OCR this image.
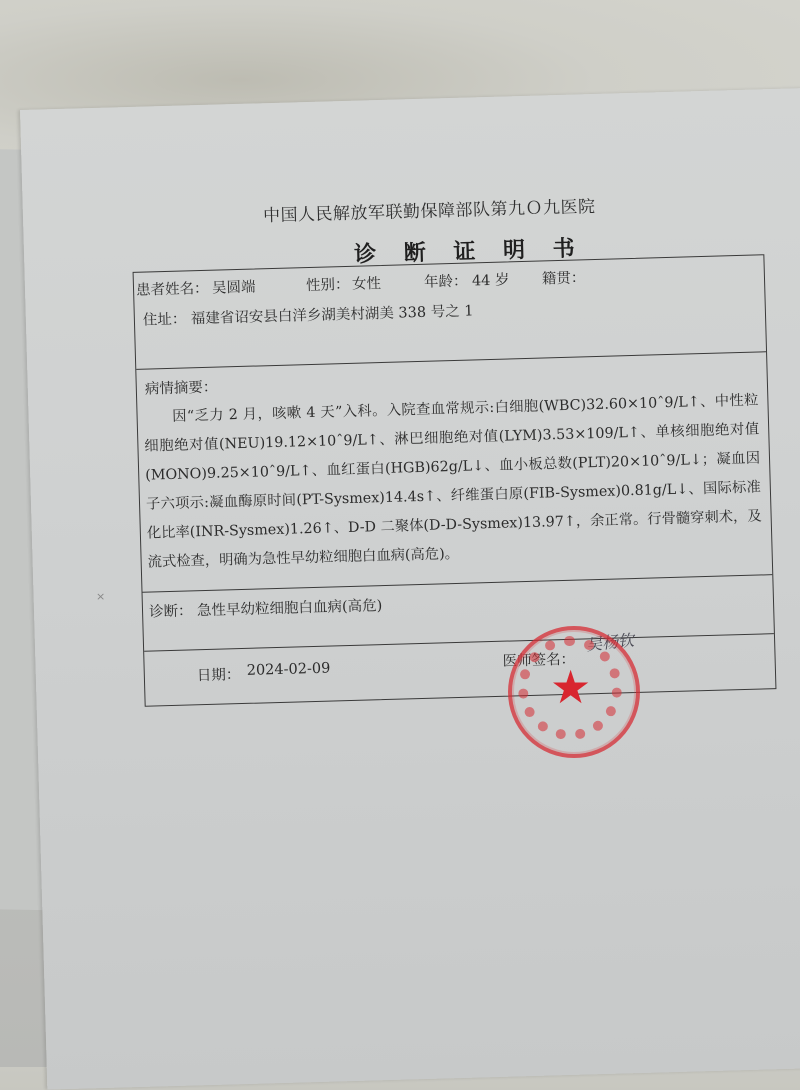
中国人民解放军联勤保障部队第九Ｏ九医院
诊 断 证 明 书
患者姓名： 吴圆端	性别： 女性	年龄： 44 岁 籍贯：
住址： 福建省诏安县白洋乡湖美村湖美 338 号之 1
病情摘要：
因“乏力 2 月，咳嗽 4 天”入科。入院查血常规示:白细胞(WBC)32.60×10ˆ9/L↑、中性粒细胞绝对值(NEU)19.12×10ˆ9/L↑、淋巴细胞绝对值(LYM)3.53×109/L↑、单核细胞绝对值(MONO)9.25×10ˆ9/L↑、血红蛋白(HGB)62g/L↓、血小板总数(PLT)20×10ˆ9/L↓；凝血因子六项示:凝血酶原时间(PT-Sysmex)14.4s↑、纤维蛋白原(FIB-Sysmex)0.81g/L↓、国际标准化比率(INR-Sysmex)1.26↑、D-D 二聚体(D-D-Sysmex)13.97↑，余正常。行骨髓穿刺术，及流式检查，明确为急性早幼粒细胞白血病(高危)。
诊断： 急性早幼粒细胞白血病(高危)
日期： 2024-02-09	医师签名：
吴杨钦
★
×
